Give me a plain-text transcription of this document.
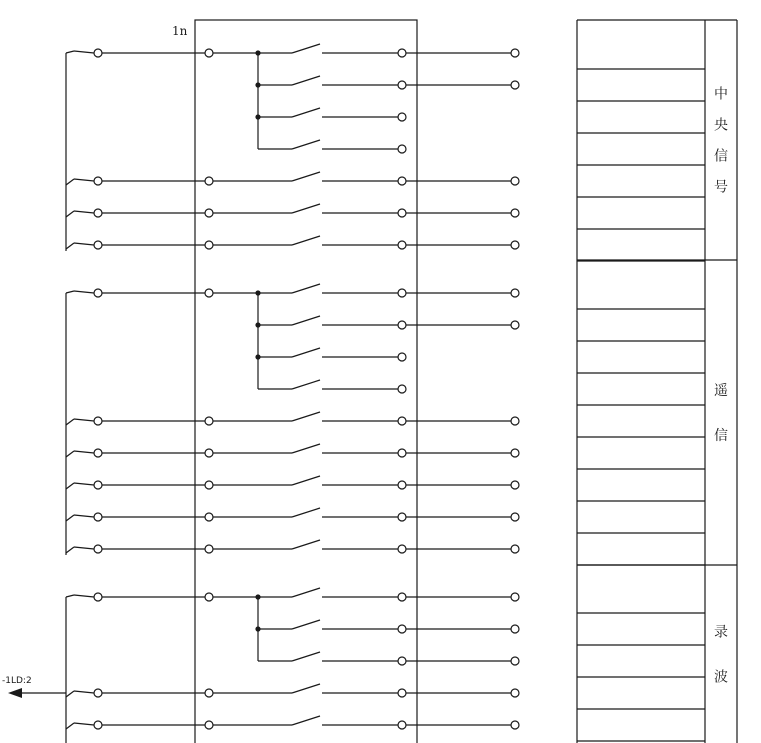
1n
-1LD:2
中
央
信
号
遥
信
录
波
